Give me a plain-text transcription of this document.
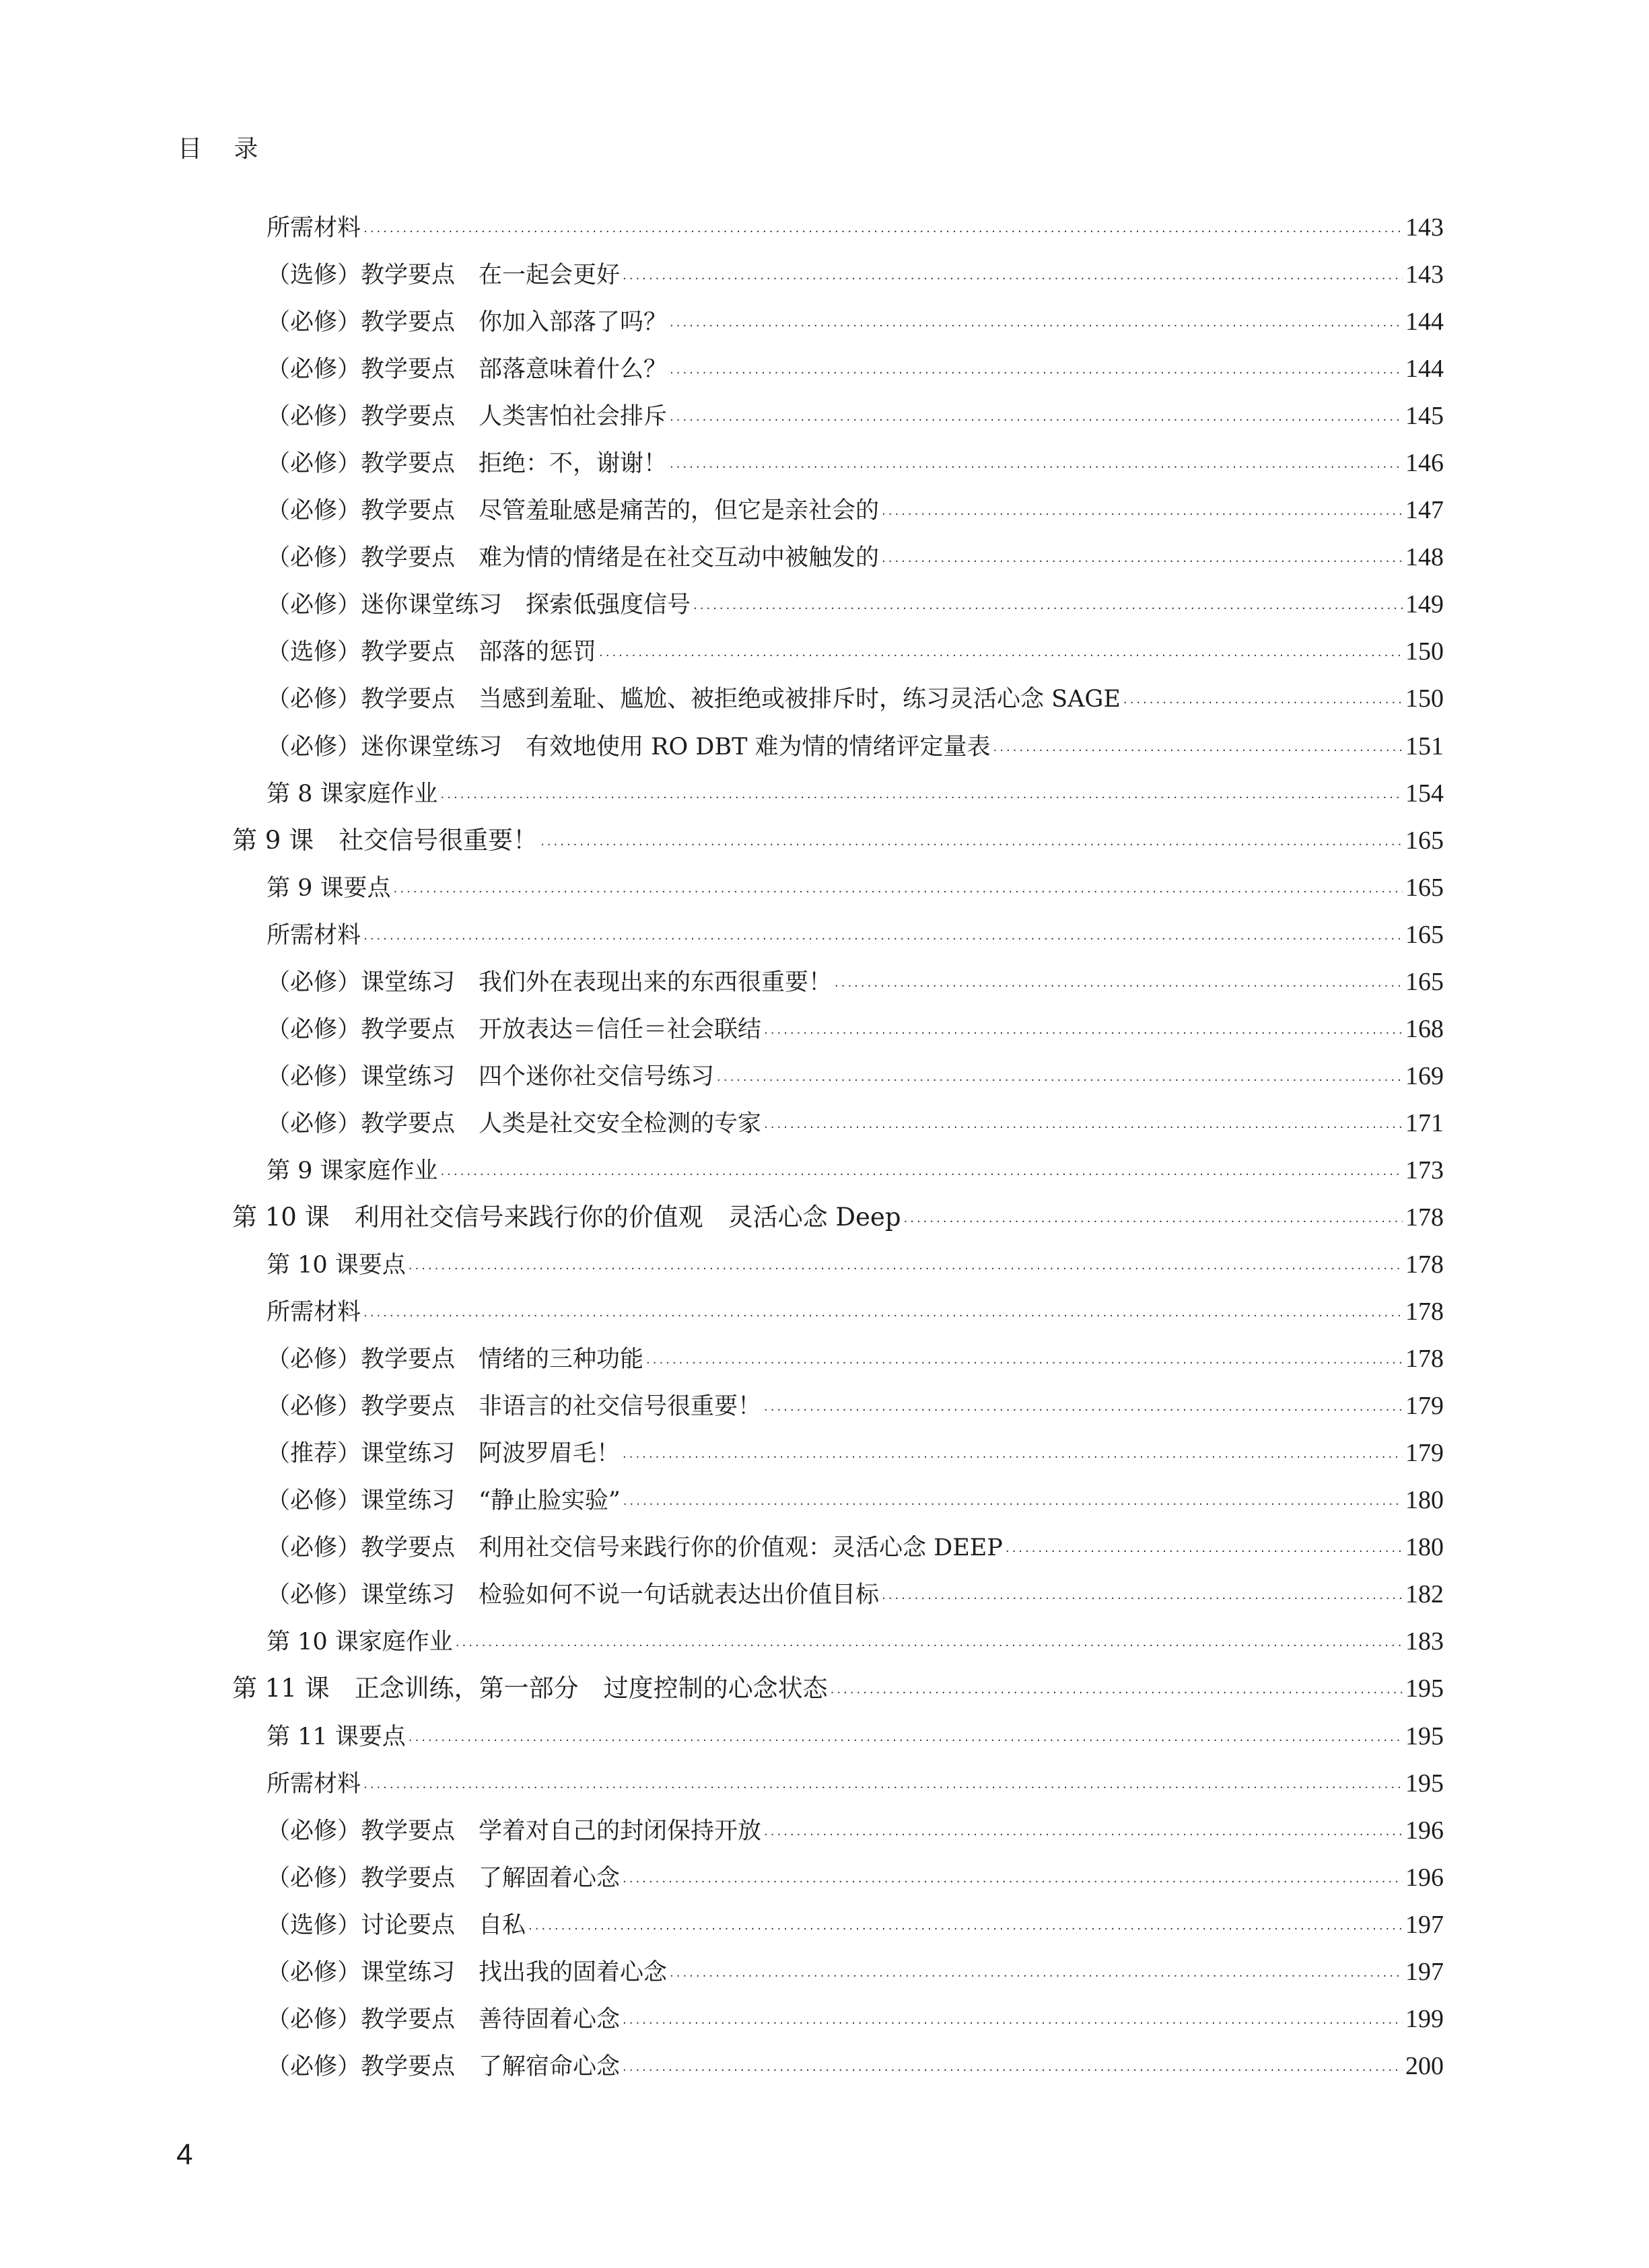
目 录
所需材料 ·····	143
（选修）教学要点　在一起会更好 ·····	143
（必修）教学要点　你加入部落了吗？ ·····	144
（必修）教学要点　部落意味着什么？ ·····	144
（必修）教学要点　人类害怕社会排斥 ·····	145
（必修）教学要点　拒绝：不，谢谢！ ·····	146
（必修）教学要点　尽管羞耻感是痛苦的，但它是亲社会的 ·····	147
（必修）教学要点　难为情的情绪是在社交互动中被触发的 ·····	148
（必修）迷你课堂练习　探索低强度信号 ·····	149
（选修）教学要点　部落的惩罚 ·····	150
（必修）教学要点　当感到羞耻、尴尬、被拒绝或被排斥时，练习灵活心念 SAGE ·····	150
（必修）迷你课堂练习　有效地使用 RO DBT 难为情的情绪评定量表 ·····	151
第 8 课家庭作业 ·····	154
第 9 课　社交信号很重要！ ·····	165
第 9 课要点 ·····	165
所需材料 ·····	165
（必修）课堂练习　我们外在表现出来的东西很重要！ ·····	165
（必修）教学要点　开放表达＝信任＝社会联结 ·····	168
（必修）课堂练习　四个迷你社交信号练习 ·····	169
（必修）教学要点　人类是社交安全检测的专家 ·····	171
第 9 课家庭作业 ·····	173
第 10 课　利用社交信号来践行你的价值观　灵活心念 Deep ·····	178
第 10 课要点 ·····	178
所需材料 ·····	178
（必修）教学要点　情绪的三种功能 ·····	178
（必修）教学要点　非语言的社交信号很重要！ ·····	179
（推荐）课堂练习　阿波罗眉毛！ ·····	179
（必修）课堂练习　“静止脸实验” ·····	180
（必修）教学要点　利用社交信号来践行你的价值观：灵活心念 DEEP ·····	180
（必修）课堂练习　检验如何不说一句话就表达出价值目标 ·····	182
第 10 课家庭作业 ·····	183
第 11 课　正念训练，第一部分　过度控制的心念状态 ·····	195
第 11 课要点 ·····	195
所需材料 ·····	195
（必修）教学要点　学着对自己的封闭保持开放 ·····	196
（必修）教学要点　了解固着心念 ·····	196
（选修）讨论要点　自私 ·····	197
（必修）课堂练习　找出我的固着心念 ·····	197
（必修）教学要点　善待固着心念 ·····	199
（必修）教学要点　了解宿命心念 ·····	200
4
